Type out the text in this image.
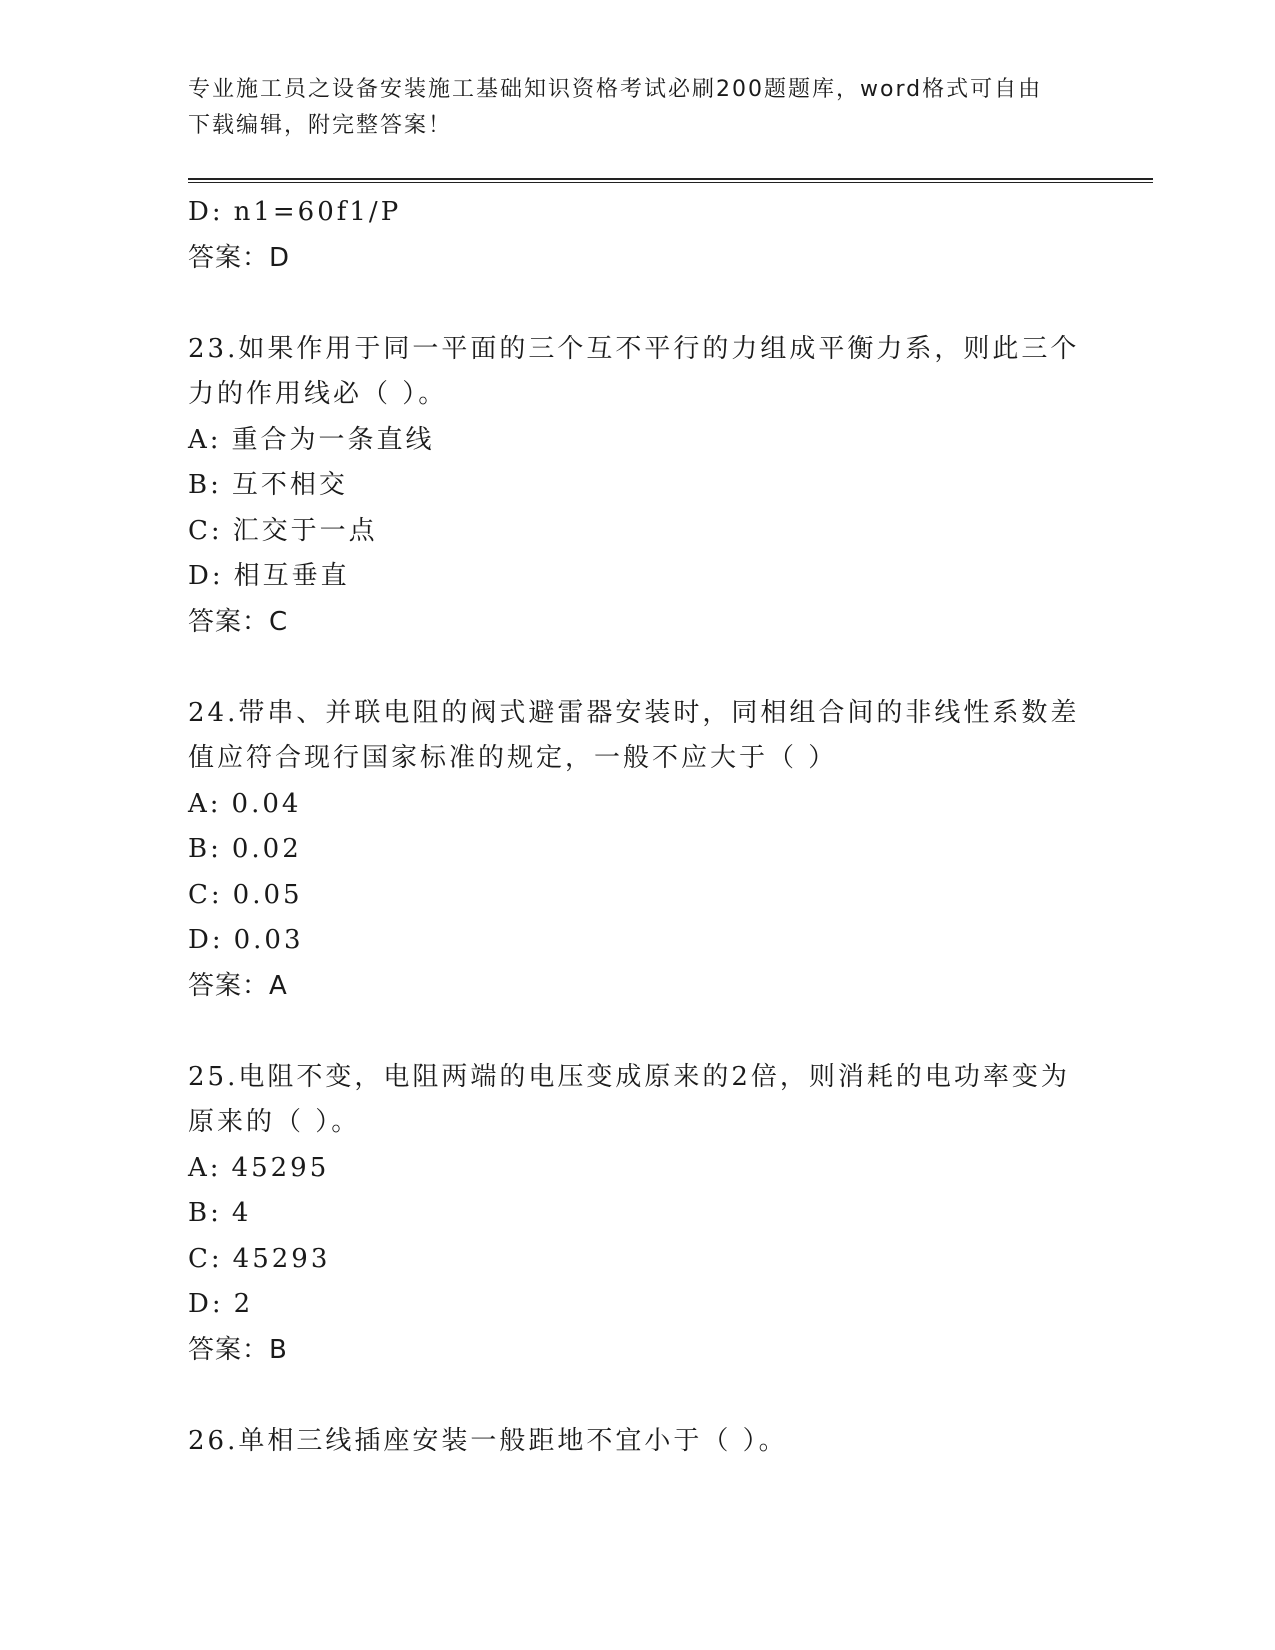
专业施工员之设备安装施工基础知识资格考试必刷200题题库，word格式可自由下载编辑，附完整答案！
D: n1=60f1/P
答案：D
23.如果作用于同一平面的三个互不平行的力组成平衡力系，则此三个力的作用线必（ ）。
A: 重合为一条直线
B: 互不相交
C: 汇交于一点
D: 相互垂直
答案：C
24.带串、并联电阻的阀式避雷器安装时，同相组合间的非线性系数差值应符合现行国家标准的规定，一般不应大于（ ）
A: 0.04
B: 0.02
C: 0.05
D: 0.03
答案：A
25.电阻不变，电阻两端的电压变成原来的2倍，则消耗的电功率变为原来的（ ）。
A: 45295
B: 4
C: 45293
D: 2
答案：B
26.单相三线插座安装一般距地不宜小于（ ）。
